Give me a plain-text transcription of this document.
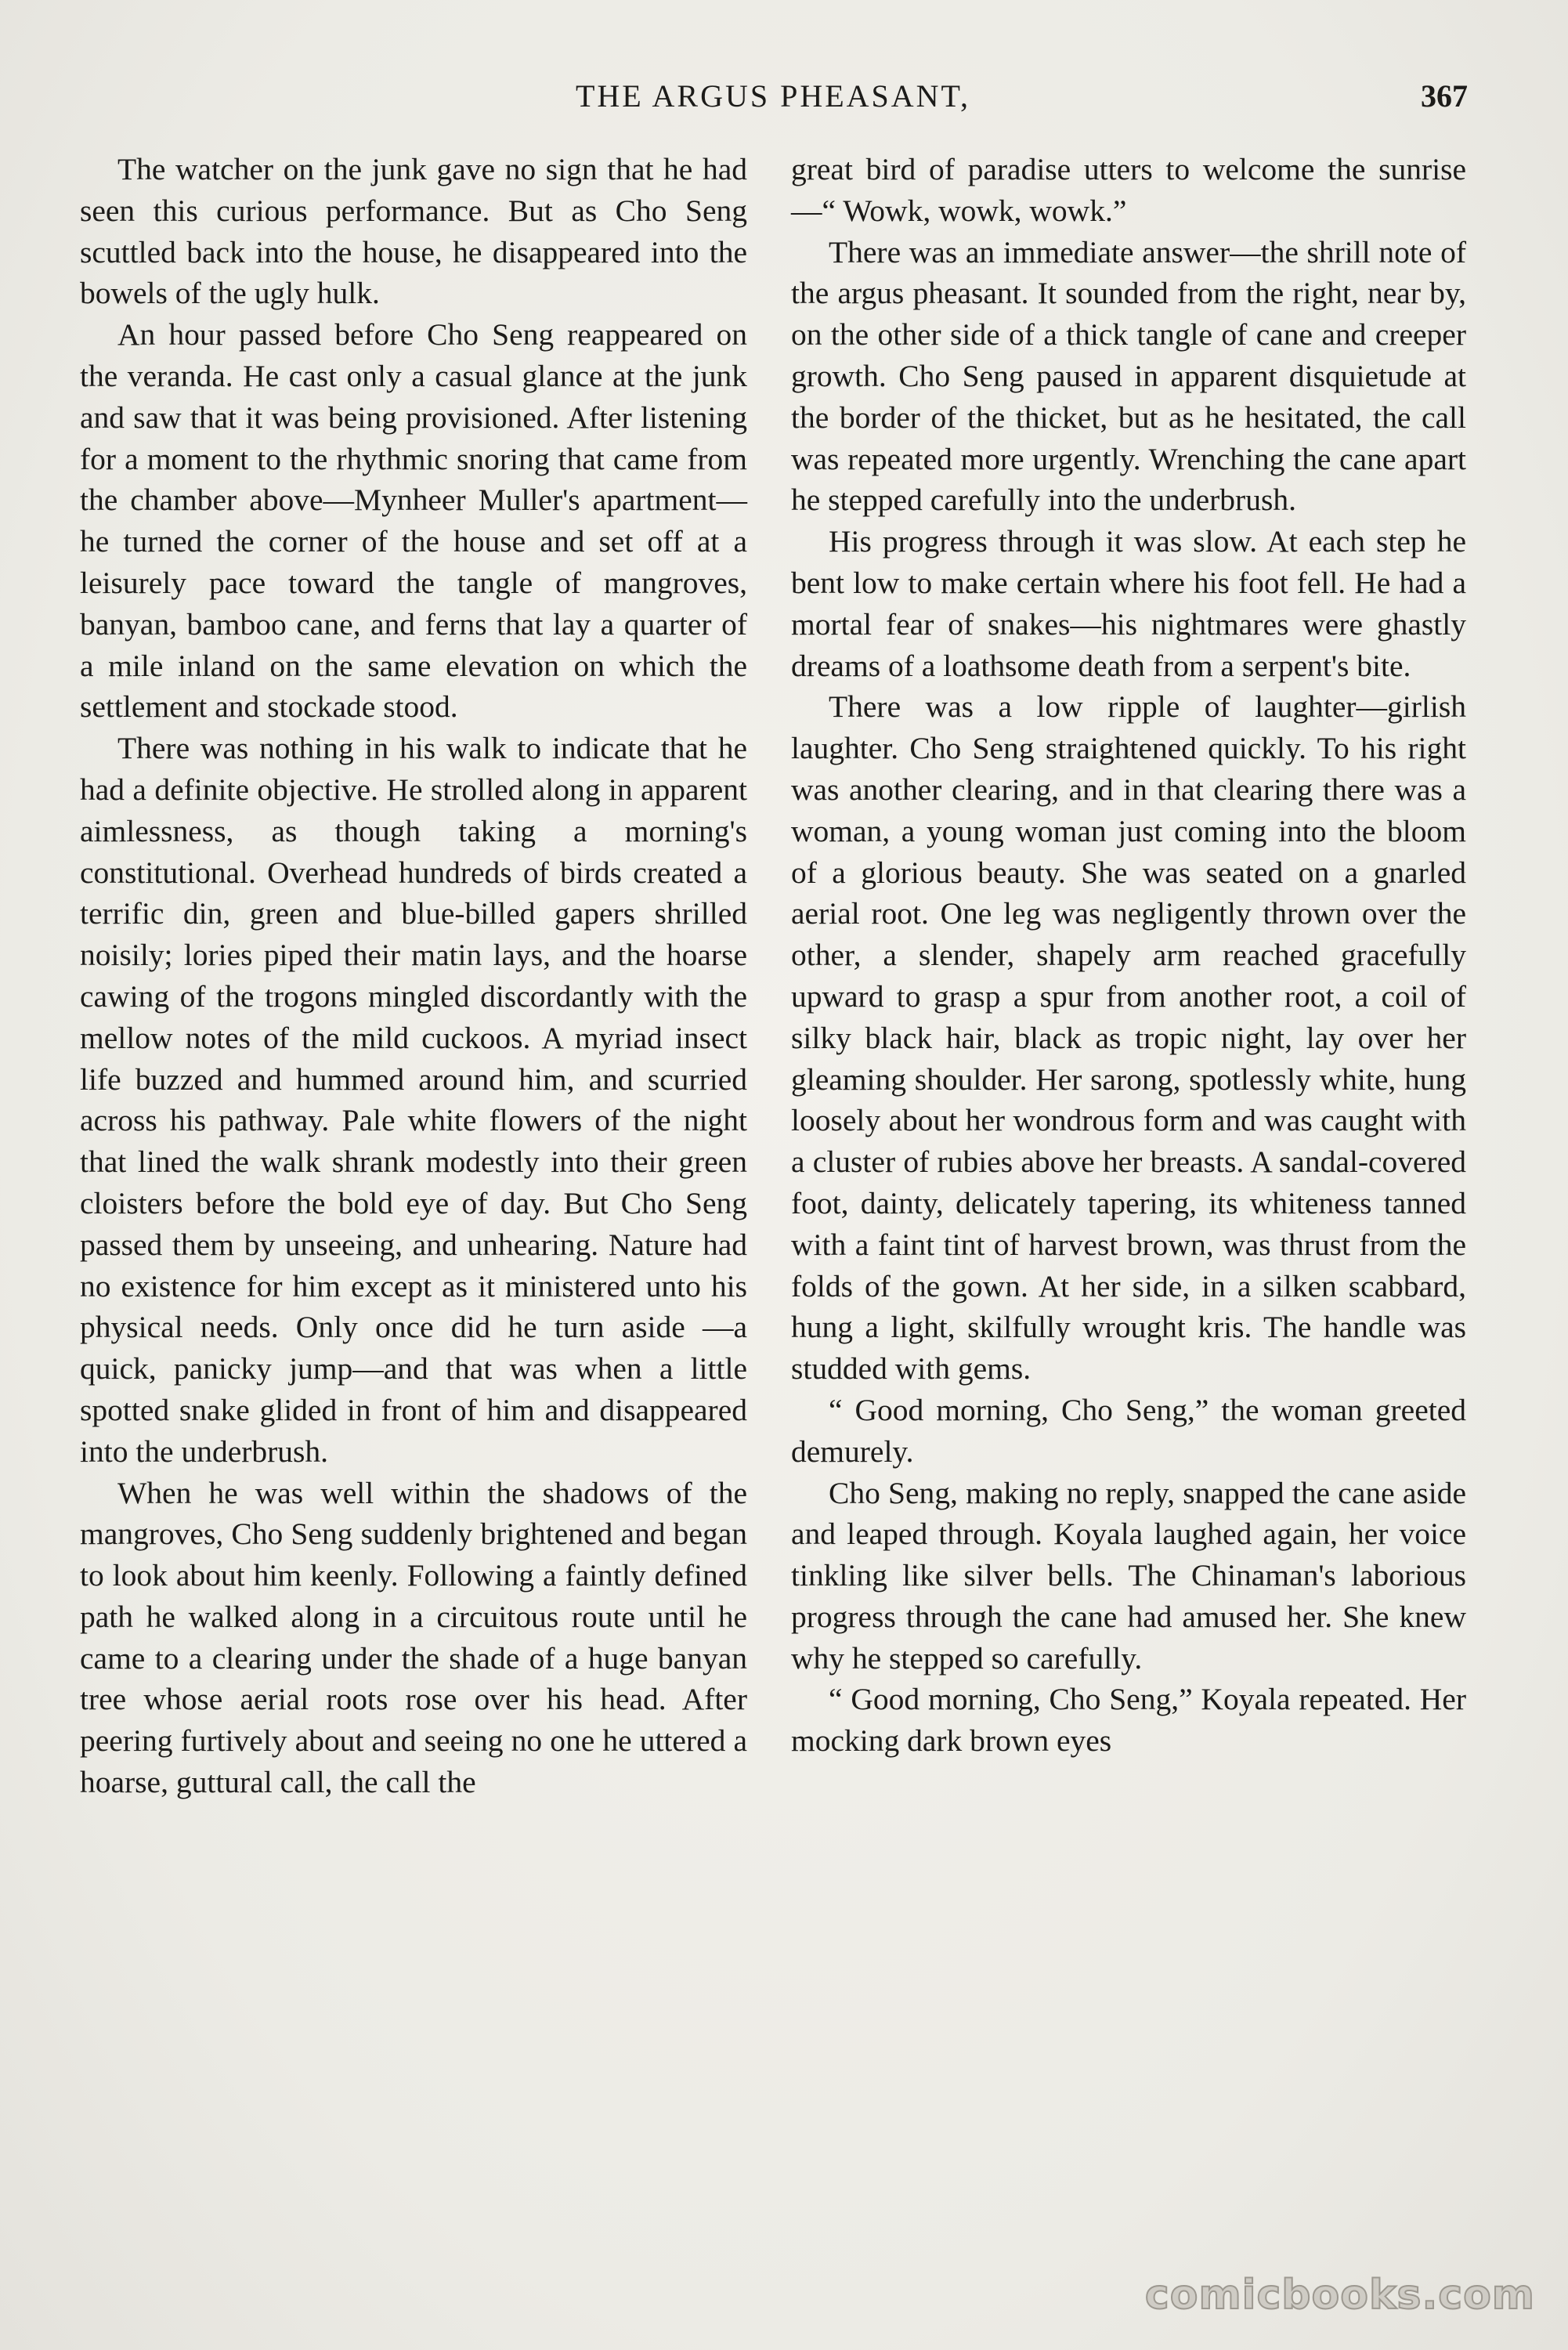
THE ARGUS PHEASANT,	367

The watcher on the junk gave no sign that he had seen this curious performance. But as Cho Seng scuttled back into the house, he disappeared into the bowels of the ugly hulk.

An hour passed before Cho Seng reappeared on the veranda. He cast only a casual glance at the junk and saw that it was being provisioned. After listening for a moment to the rhythmic snoring that came from the chamber above—Mynheer Muller's apartment—he turned the corner of the house and set off at a leisurely pace toward the tangle of mangroves, banyan, bamboo cane, and ferns that lay a quarter of a mile inland on the same elevation on which the settlement and stockade stood.

There was nothing in his walk to indicate that he had a definite objective. He strolled along in apparent aimlessness, as though taking a morning's constitutional. Overhead hundreds of birds created a terrific din, green and blue-billed gapers shrilled noisily; lories piped their matin lays, and the hoarse cawing of the trogons mingled discordantly with the mellow notes of the mild cuckoos. A myriad insect life buzzed and hummed around him, and scurried across his pathway. Pale white flowers of the night that lined the walk shrank modestly into their green cloisters before the bold eye of day. But Cho Seng passed them by unseeing, and unhearing. Nature had no existence for him except as it ministered unto his physical needs. Only once did he turn aside —a quick, panicky jump—and that was when a little spotted snake glided in front of him and disappeared into the underbrush.

When he was well within the shadows of the mangroves, Cho Seng suddenly brightened and began to look about him keenly. Following a faintly defined path he walked along in a circuitous route until he came to a clearing under the shade of a huge banyan tree whose aerial roots rose over his head. After peering furtively about and seeing no one he uttered a hoarse, guttural call, the call the

great bird of paradise utters to welcome the sunrise—“ Wowk, wowk, wowk.”

There was an immediate answer—the shrill note of the argus pheasant. It sounded from the right, near by, on the other side of a thick tangle of cane and creeper growth. Cho Seng paused in apparent disquietude at the border of the thicket, but as he hesitated, the call was repeated more urgently. Wrenching the cane apart he stepped carefully into the underbrush.

His progress through it was slow. At each step he bent low to make certain where his foot fell. He had a mortal fear of snakes—his nightmares were ghastly dreams of a loathsome death from a serpent's bite.

There was a low ripple of laughter—girlish laughter. Cho Seng straightened quickly. To his right was another clearing, and in that clearing there was a woman, a young woman just coming into the bloom of a glorious beauty. She was seated on a gnarled aerial root. One leg was negligently thrown over the other, a slender, shapely arm reached gracefully upward to grasp a spur from another root, a coil of silky black hair, black as tropic night, lay over her gleaming shoulder. Her sarong, spotlessly white, hung loosely about her wondrous form and was caught with a cluster of rubies above her breasts. A sandal-covered foot, dainty, delicately tapering, its whiteness tanned with a faint tint of harvest brown, was thrust from the folds of the gown. At her side, in a silken scabbard, hung a light, skilfully wrought kris. The handle was studded with gems.

“ Good morning, Cho Seng,” the woman greeted demurely.

Cho Seng, making no reply, snapped the cane aside and leaped through. Koyala laughed again, her voice tinkling like silver bells. The Chinaman's laborious progress through the cane had amused her. She knew why he stepped so carefully.

“ Good morning, Cho Seng,” Koyala repeated. Her mocking dark brown eyes

comicbooks.com
